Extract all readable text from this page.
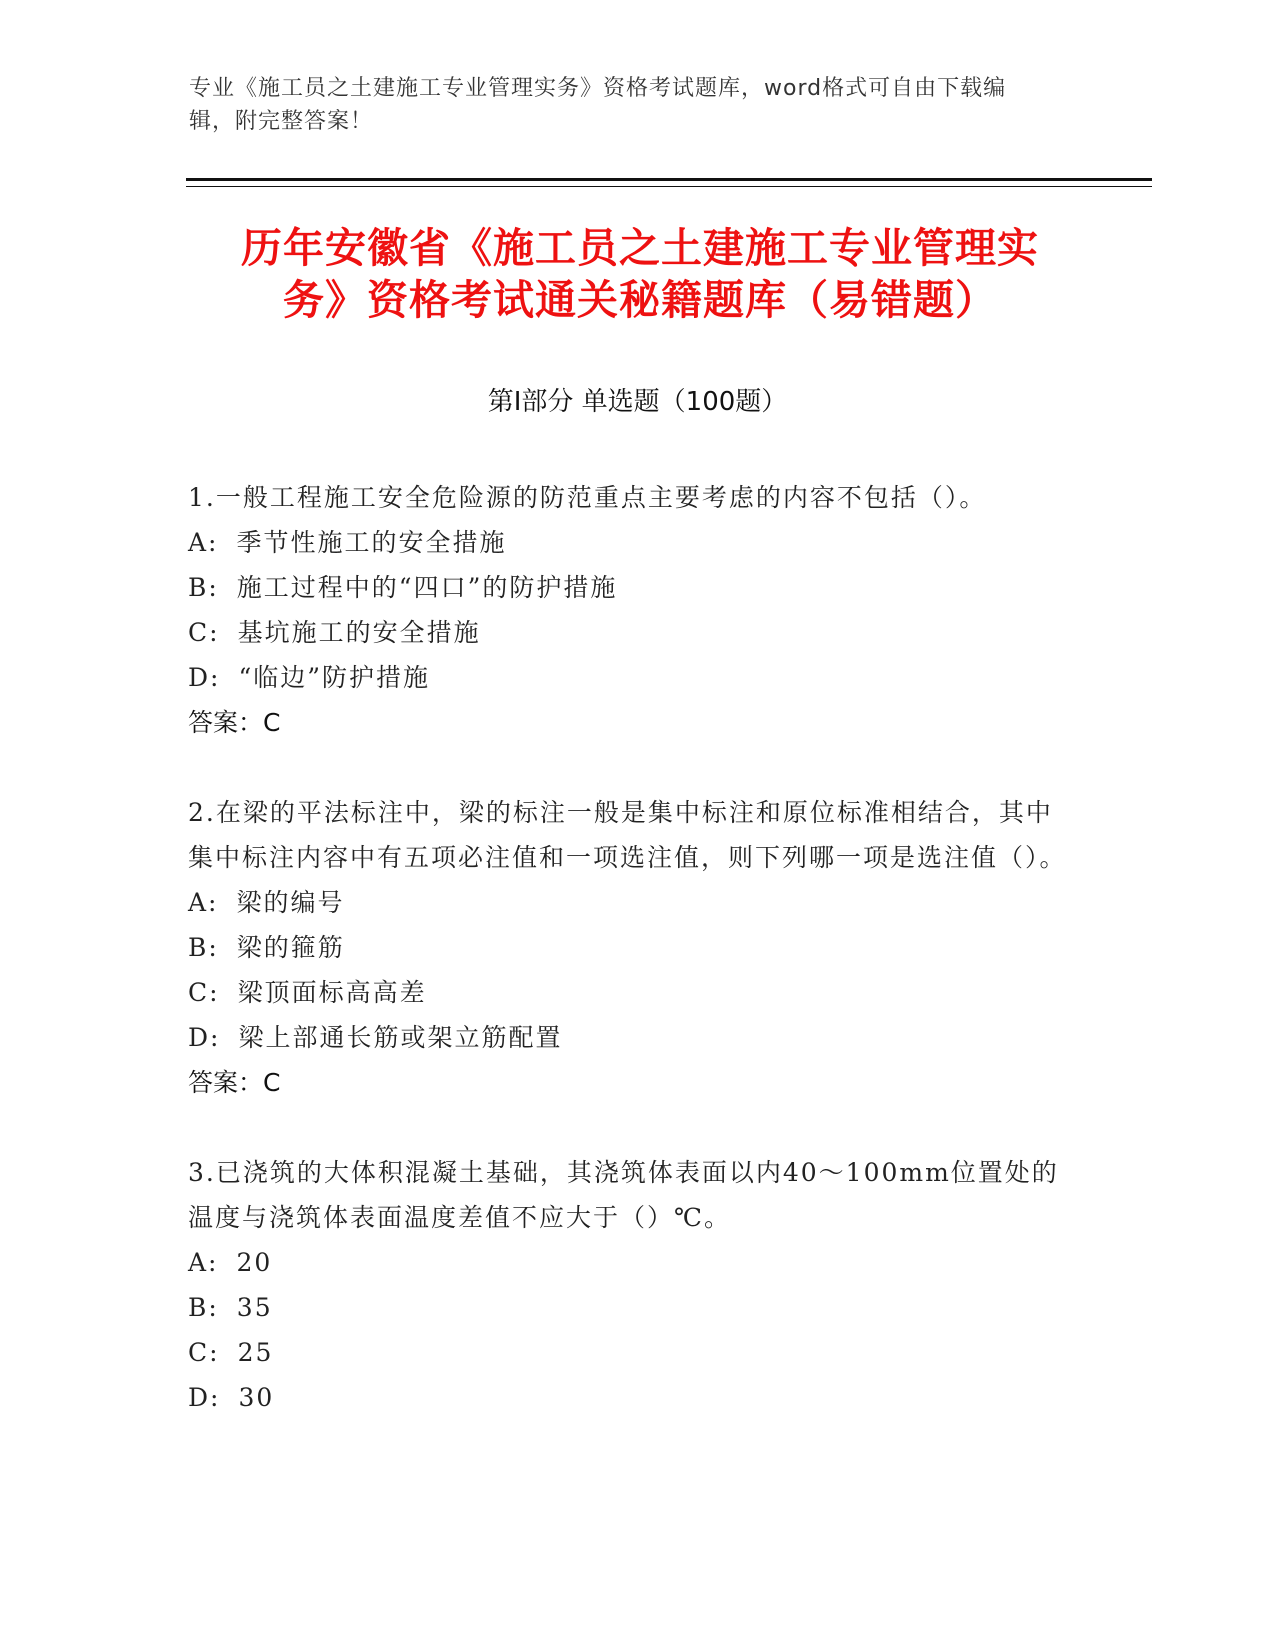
专业《施工员之土建施工专业管理实务》资格考试题库，word格式可自由下载编
辑，附完整答案！
历年安徽省《施工员之土建施工专业管理实
务》资格考试通关秘籍题库（易错题）
第Ⅰ部分 单选题（100题）
1.一般工程施工安全危险源的防范重点主要考虑的内容不包括（）。
A: 季节性施工的安全措施
B: 施工过程中的“四口”的防护措施
C: 基坑施工的安全措施
D: “临边”防护措施
答案：C
2.在梁的平法标注中，梁的标注一般是集中标注和原位标准相结合，其中集中标注内容中有五项必注值和一项选注值，则下列哪一项是选注值（）。
A: 梁的编号
B: 梁的箍筋
C: 梁顶面标高高差
D: 梁上部通长筋或架立筋配置
答案：C
3.已浇筑的大体积混凝土基础，其浇筑体表面以内40～100mm位置处的温度与浇筑体表面温度差值不应大于（）℃。
A: 20
B: 35
C: 25
D: 30
